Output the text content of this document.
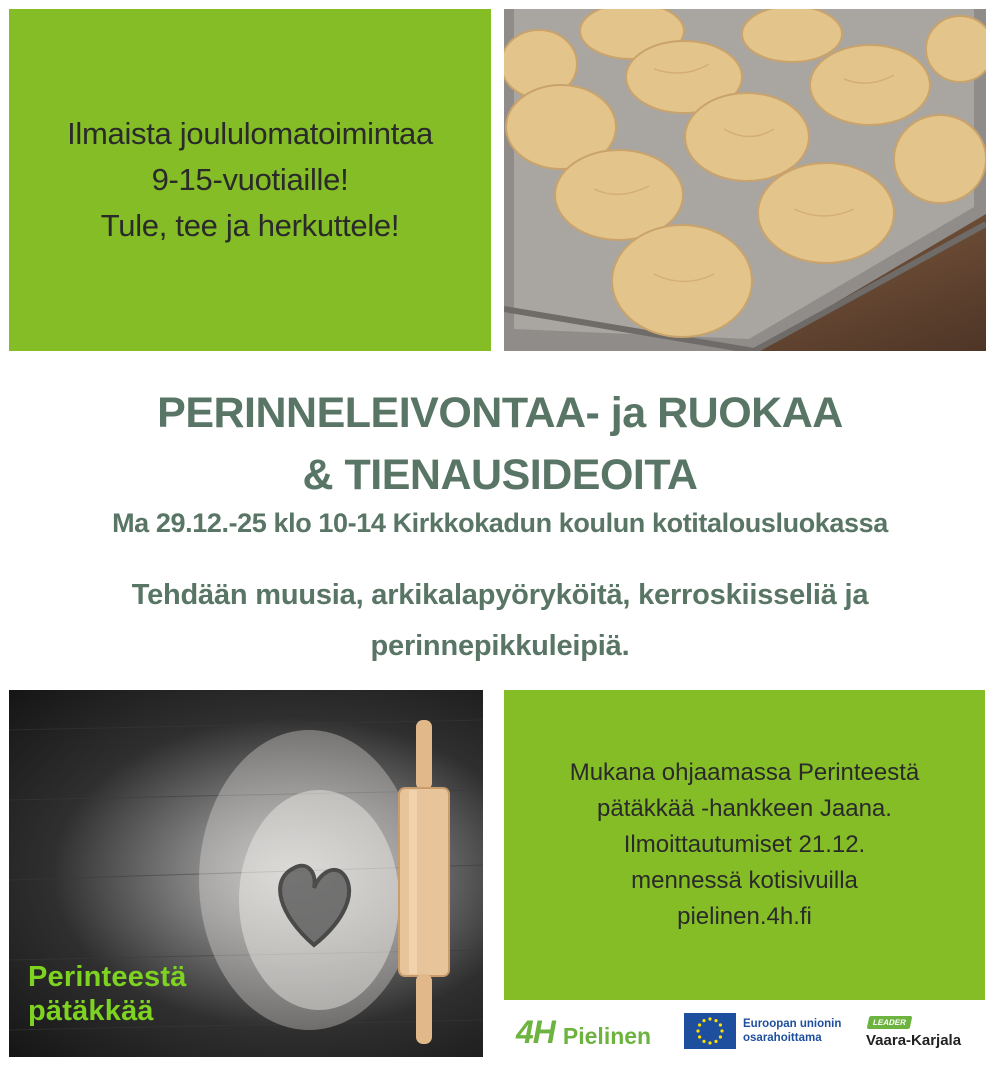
Ilmaista joululomatoimintaa
9-15-vuotiaille!
Tule, tee ja herkuttele!
PERINNELEIVONTAA- ja RUOKAA
& TIENAUSIDEOITA
Ma 29.12.-25 klo 10-14 Kirkkokadun koulun kotitalousluokassa
Tehdään muusia, arkikalapyöryköitä, kerroskiisseliä ja
perinnepikkuleipiä.
Perinteestä
pätäkkää
Mukana ohjaamassa Perinteestä
pätäkkää -hankkeen Jaana.
Ilmoittautumiset 21.12.
mennessä kotisivuilla
pielinen.4h.fi
4H Pielinen	Euroopan unionin
osarahoittama
LEADER
Vaara-Karjala
